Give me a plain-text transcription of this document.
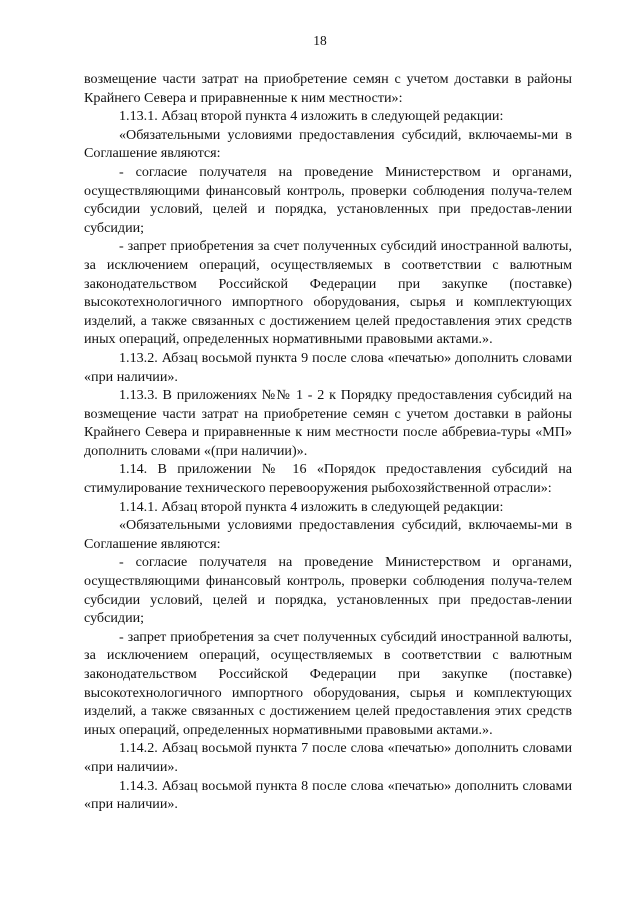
18

возмещение части затрат на приобретение семян с учетом доставки в районы Крайнего Севера и приравненные к ним местности»:

1.13.1. Абзац второй пункта 4 изложить в следующей редакции:

«Обязательными условиями предоставления субсидий, включаемы-ми в Соглашение являются:

- согласие получателя на проведение Министерством и органами, осуществляющими финансовый контроль, проверки соблюдения получа-телем субсидии условий, целей и порядка, установленных при предостав-лении субсидии;

- запрет приобретения за счет полученных субсидий иностранной валюты, за исключением операций, осуществляемых в соответствии с валютным законодательством Российской Федерации при закупке (поставке) высокотехнологичного импортного оборудования, сырья и комплектующих изделий, а также связанных с достижением целей предоставления этих средств иных операций, определенных нормативными правовыми актами.».

1.13.2. Абзац восьмой пункта 9 после слова «печатью» дополнить словами «при наличии».

1.13.3. В приложениях №№ 1 - 2 к Порядку предоставления субсидий на возмещение части затрат на приобретение семян с учетом доставки в районы Крайнего Севера и приравненные к ним местности после аббревиа-туры «МП» дополнить словами «(при наличии)».

1.14. В приложении № 16 «Порядок предоставления субсидий на стимулирование технического перевооружения рыбохозяйственной отрасли»:

1.14.1. Абзац второй пункта 4 изложить в следующей редакции:

«Обязательными условиями предоставления субсидий, включаемы-ми в Соглашение являются:

- согласие получателя на проведение Министерством и органами, осуществляющими финансовый контроль, проверки соблюдения получа-телем субсидии условий, целей и порядка, установленных при предостав-лении субсидии;

- запрет приобретения за счет полученных субсидий иностранной валюты, за исключением операций, осуществляемых в соответствии с валютным законодательством Российской Федерации при закупке (поставке) высокотехнологичного импортного оборудования, сырья и комплектующих изделий, а также связанных с достижением целей предоставления этих средств иных операций, определенных нормативными правовыми актами.».

1.14.2. Абзац восьмой пункта 7 после слова «печатью» дополнить словами «при наличии».

1.14.3. Абзац восьмой пункта 8 после слова «печатью» дополнить словами «при наличии».
